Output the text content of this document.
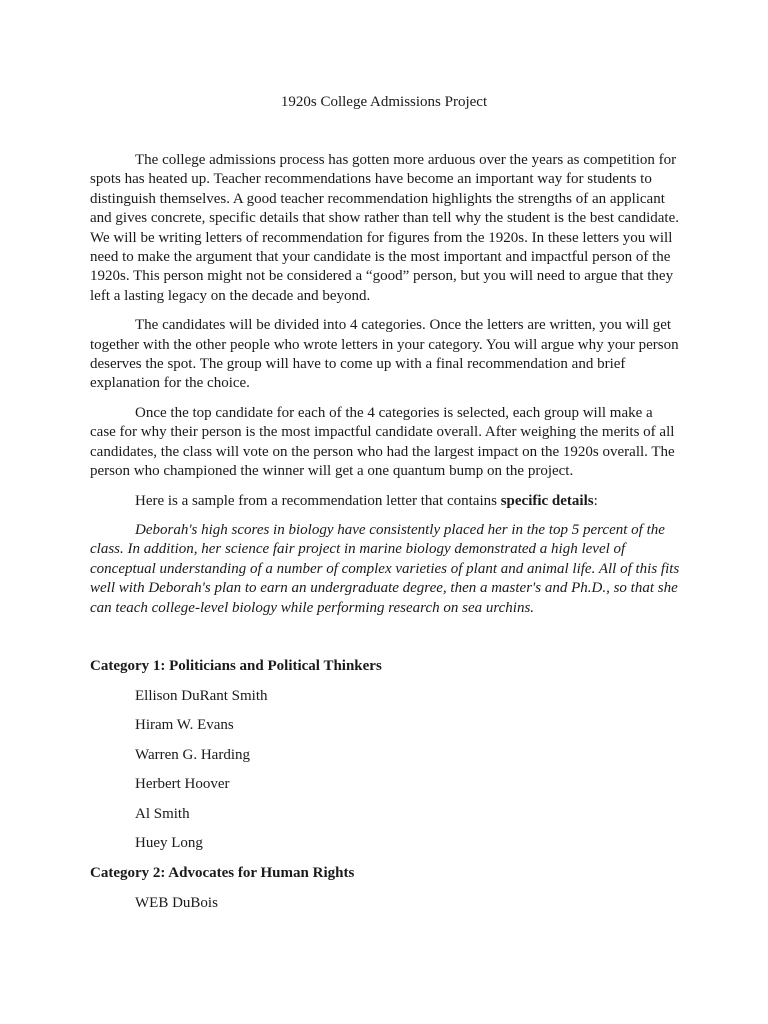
1920s College Admissions Project

The college admissions process has gotten more arduous over the years as competition for spots has heated up. Teacher recommendations have become an important way for students to distinguish themselves. A good teacher recommendation highlights the strengths of an applicant and gives concrete, specific details that show rather than tell why the student is the best candidate. We will be writing letters of recommendation for figures from the 1920s. In these letters you will need to make the argument that your candidate is the most important and impactful person of the 1920s. This person might not be considered a “good” person, but you will need to argue that they left a lasting legacy on the decade and beyond.

The candidates will be divided into 4 categories. Once the letters are written, you will get together with the other people who wrote letters in your category. You will argue why your person deserves the spot. The group will have to come up with a final recommendation and brief explanation for the choice.

Once the top candidate for each of the 4 categories is selected, each group will make a case for why their person is the most impactful candidate overall. After weighing the merits of all candidates, the class will vote on the person who had the largest impact on the 1920s overall. The person who championed the winner will get a one quantum bump on the project.

Here is a sample from a recommendation letter that contains specific details:

Deborah's high scores in biology have consistently placed her in the top 5 percent of the class. In addition, her science fair project in marine biology demonstrated a high level of conceptual understanding of a number of complex varieties of plant and animal life. All of this fits well with Deborah's plan to earn an undergraduate degree, then a master's and Ph.D., so that she can teach college-level biology while performing research on sea urchins.

Category 1: Politicians and Political Thinkers

Ellison DuRant Smith
Hiram W. Evans
Warren G. Harding
Herbert Hoover
Al Smith
Huey Long

Category 2: Advocates for Human Rights

WEB DuBois
